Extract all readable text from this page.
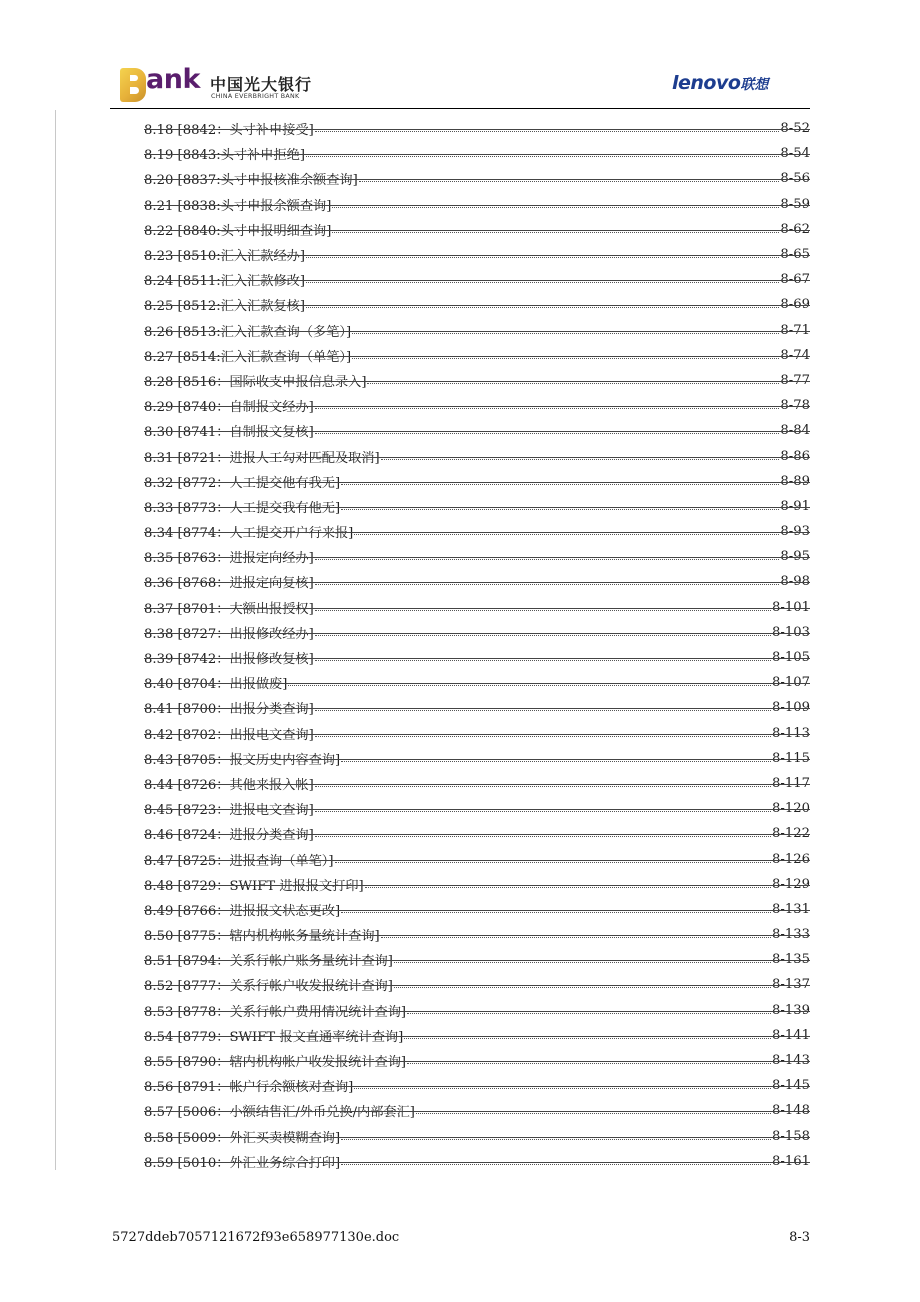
ank 中国光大银行
CHINA EVERBRIGHT BANK
lenovo联想
8.18 [8842：头寸补申接受]	8-52
8.19 [8843:头寸补申拒绝]	8-54
8.20 [8837:头寸申报核准余额查询]	8-56
8.21 [8838:头寸申报余额查询]	8-59
8.22 [8840:头寸申报明细查询]	8-62
8.23 [8510:汇入汇款经办]	8-65
8.24 [8511:汇入汇款修改]	8-67
8.25 [8512:汇入汇款复核]	8-69
8.26 [8513:汇入汇款查询（多笔）]	8-71
8.27 [8514:汇入汇款查询（单笔）]	8-74
8.28 [8516：国际收支申报信息录入]	8-77
8.29 [8740：自制报文经办]	8-78
8.30 [8741：自制报文复核]	8-84
8.31 [8721：进报人工勾对匹配及取消]	8-86
8.32 [8772：人工提交他有我无]	8-89
8.33 [8773：人工提交我有他无]	8-91
8.34 [8774：人工提交开户行来报]	8-93
8.35 [8763：进报定向经办]	8-95
8.36 [8768：进报定向复核]	8-98
8.37 [8701：大额出报授权]	8-101
8.38 [8727：出报修改经办]	8-103
8.39 [8742：出报修改复核]	8-105
8.40 [8704：出报做废]	8-107
8.41 [8700：出报分类查询]	8-109
8.42 [8702：出报电文查询]	8-113
8.43 [8705：报文历史内容查询]	8-115
8.44 [8726：其他来报入帐]	8-117
8.45 [8723：进报电文查询]	8-120
8.46 [8724：进报分类查询]	8-122
8.47 [8725：进报查询（单笔）]	8-126
8.48 [8729：SWIFT 进报报文打印]	8-129
8.49 [8766：进报报文状态更改]	8-131
8.50 [8775：辖内机构帐务量统计查询]	8-133
8.51 [8794：关系行帐户账务量统计查询]	8-135
8.52 [8777：关系行帐户收发报统计查询]	8-137
8.53 [8778：关系行帐户费用情况统计查询]	8-139
8.54 [8779：SWIFT 报文直通率统计查询]	8-141
8.55 [8790：辖内机构帐户收发报统计查询]	8-143
8.56 [8791：帐户行余额核对查询]	8-145
8.57 [5006：小额结售汇/外币兑换/内部套汇]	8-148
8.58 [5009：外汇买卖模糊查询]	8-158
8.59 [5010：外汇业务综合打印]	8-161
5727ddeb7057121672f93e658977130e.doc	8-3
